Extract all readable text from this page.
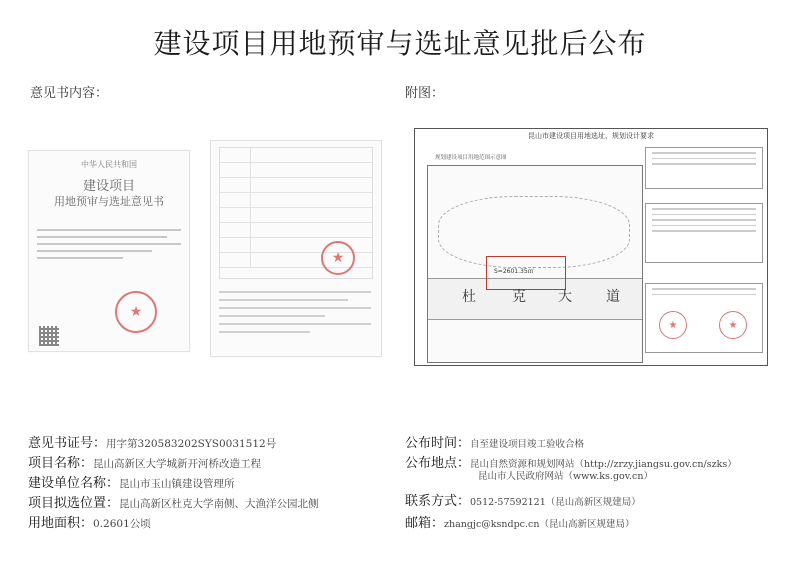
建设项目用地预审与选址意见批后公布
意见书内容：	附图：
中华人民共和国
建设项目
用地预审与选址意见书
★
★
昆山市建设项目用地选址、规划设计要求
规划建设项目用地范围示意图
S=2601.35㎡
杜	克 大 道
★	★
意见书证号：用字第320583202SYS0031512号
项目名称：昆山高新区大学城新开河桥改造工程
建设单位名称：昆山市玉山镇建设管理所
项目拟选位置：昆山高新区杜克大学南侧、大渔洋公园北侧
用地面积：0.2601公顷
公布时间：自至建设项目竣工验收合格
公布地点：昆山自然资源和规划网站（http://zrzy.jiangsu.gov.cn/szks）
昆山市人民政府网站（www.ks.gov.cn）
联系方式：0512-57592121（昆山高新区规建局）
邮箱：zhangjc@ksndpc.cn（昆山高新区规建局）
